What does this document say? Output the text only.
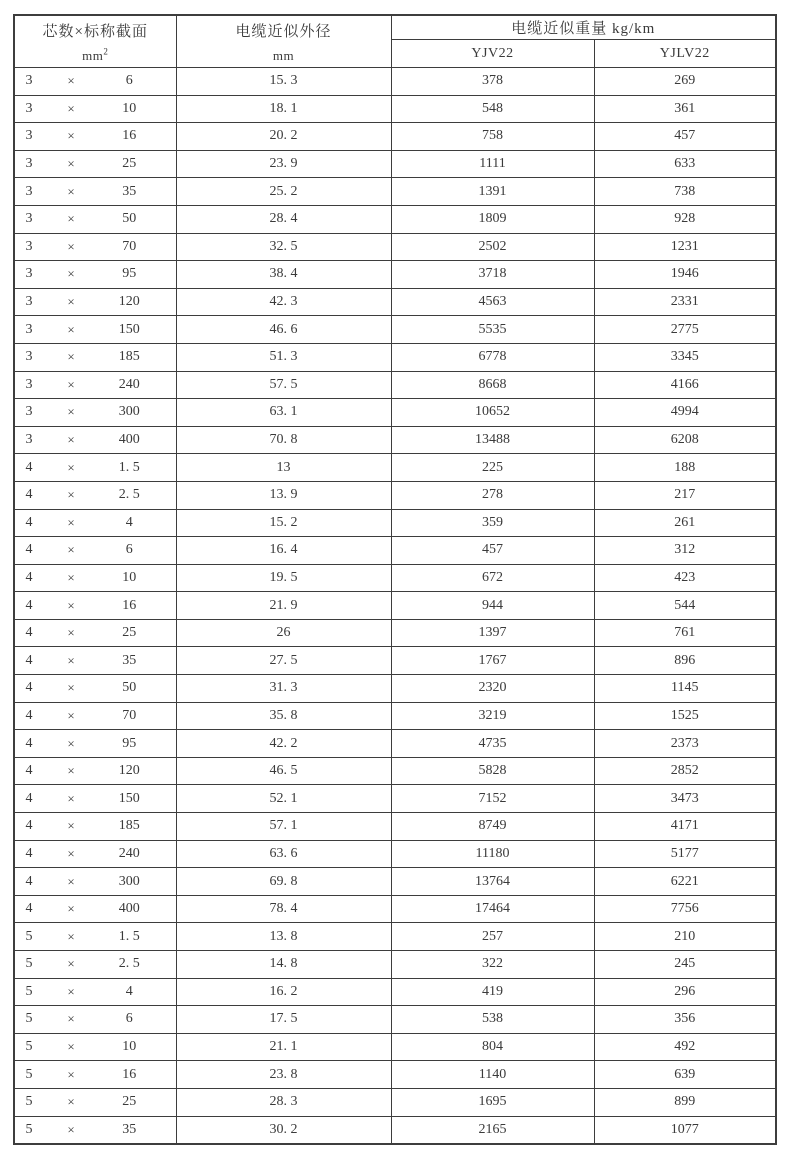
芯数×标称截面
$mm^2$

电缆近似外径
mm
	电缆近似重量 kg/km
		YJV22	YJLV22

3 × 6	15. 3	378	269

3 × 10	18. 1	548	361

3 × 16	20. 2	758	457

3 × 25	23. 9	1111	633

3 × 35	25. 2	1391	738

3 × 50	28. 4	1809	928

3 × 70	32. 5	2502	1231

3 × 95	38. 4	3718	1946

3 × 120	42. 3	4563	2331

3 × 150	46. 6	5535	2775

3 × 185	51. 3	6778	3345

3 × 240	57. 5	8668	4166

3 × 300	63. 1	10652	4994

3 × 400	70. 8	13488	6208

4 × 1. 5	13	225	188

4 × 2. 5	13. 9	278	217

4 × 4	15. 2	359	261

4 × 6	16. 4	457	312

4 × 10	19. 5	672	423

4 × 16	21. 9	944	544

4 × 25	26	1397	761

4 × 35	27. 5	1767	896

4 × 50	31. 3	2320	1145

4 × 70	35. 8	3219	1525

4 × 95	42. 2	4735	2373

4 × 120	46. 5	5828	2852

4 × 150	52. 1	7152	3473

4 × 185	57. 1	8749	4171

4 × 240	63. 6	11180	5177

4 × 300	69. 8	13764	6221

4 × 400	78. 4	17464	7756

5 × 1. 5	13. 8	257	210

5 × 2. 5	14. 8	322	245

5 × 4	16. 2	419	296

5 × 6	17. 5	538	356

5 × 10	21. 1	804	492

5 × 16	23. 8	1140	639

5 × 25	28. 3	1695	899

5 × 35	30. 2	2165	1077
